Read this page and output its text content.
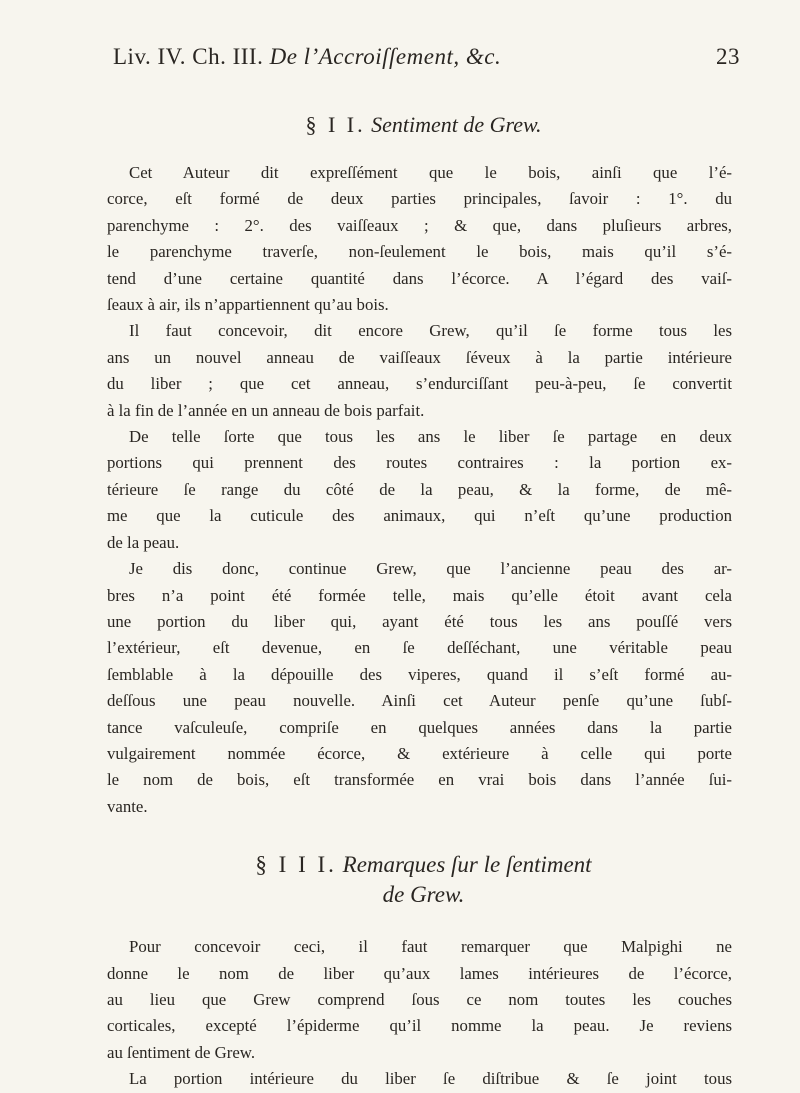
Liv. IV. Ch. III. De l’Accroiſſement, &c.	23
§ I I. Sentiment de Grew.
Cet Auteur dit expreſſément que le bois, ainſi que l’é-
corce, eſt formé de deux parties principales, ſavoir : 1°. du
parenchyme : 2°. des vaiſſeaux ; & que, dans pluſieurs arbres,
le parenchyme traverſe, non-ſeulement le bois, mais qu’il s’é-
tend d’une certaine quantité dans l’écorce. A l’égard des vaiſ-
ſeaux à air, ils n’appartiennent qu’au bois.
Il faut concevoir, dit encore Grew, qu’il ſe forme tous les
ans un nouvel anneau de vaiſſeaux ſéveux à la partie intérieure
du liber ; que cet anneau, s’endurciſſant peu-à-peu, ſe convertit
à la fin de l’année en un anneau de bois parfait.
De telle ſorte que tous les ans le liber ſe partage en deux
portions qui prennent des routes contraires : la portion ex-
térieure ſe range du côté de la peau, & la forme, de mê-
me que la cuticule des animaux, qui n’eſt qu’une production
de la peau.
Je dis donc, continue Grew, que l’ancienne peau des ar-
bres n’a point été formée telle, mais qu’elle étoit avant cela
une portion du liber qui, ayant été tous les ans pouſſé vers
l’extérieur, eſt devenue, en ſe deſſéchant, une véritable peau
ſemblable à la dépouille des viperes, quand il s’eſt formé au-
deſſous une peau nouvelle. Ainſi cet Auteur penſe qu’une ſubſ-
tance vaſculeuſe, compriſe en quelques années dans la partie
vulgairement nommée écorce, & extérieure à celle qui porte
le nom de bois, eſt transformée en vrai bois dans l’année ſui-
vante.
§ I I I. Remarques ſur le ſentiment
de Grew.
Pour concevoir ceci, il faut remarquer que Malpighi ne
donne le nom de liber qu’aux lames intérieures de l’écorce,
au lieu que Grew comprend ſous ce nom toutes les couches
corticales, excepté l’épiderme qu’il nomme la peau. Je reviens
au ſentiment de Grew.
La portion intérieure du liber ſe diſtribue & ſe joint tous
